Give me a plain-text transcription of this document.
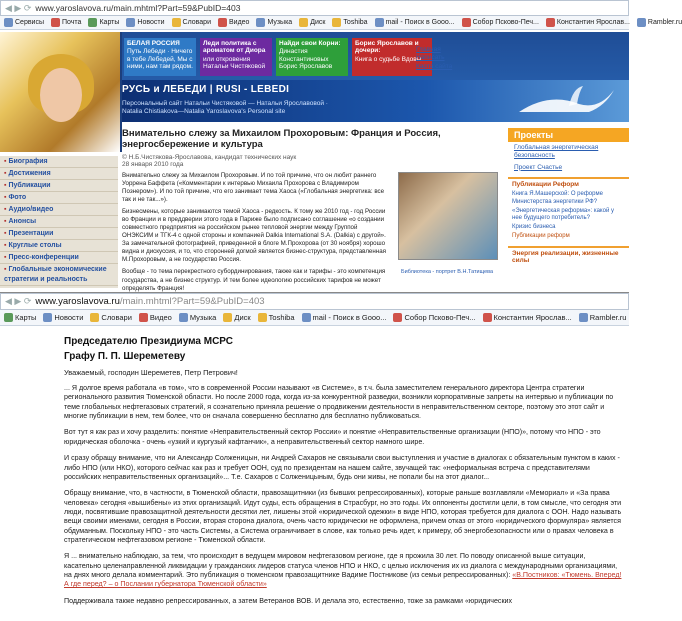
◀ ▶ ⟳ www.yaroslavova.ru/main.mhtml?Part=59&PubID=403
Сервисы	Почта	Карты	Новости	Словари	Видео	Музыка	Диск	Toshiba	mail - Поиск в Gooо...	Собор Псково-Печ...	Константин Ярослав...	Rambler.ru
БЕЛАЯ РОССИЯ
Путь Лебеди · Ничего в тебе Лебедей, Мы с ними, нам там рядом.
Леди политика с ароматом от Диора
или откровения Натальи Чистяковой
Найди свои Корни:
Династия Константиновых Борис Ярославов
Борис Ярославов и дочери:
Книга о судьбе Вдовы...
Главная
Написать
Карта сайта
РУСЬ и ЛЕБЕДИ | RUSI - LEBEDI
Персональный сайт Натальи Чистяковой — Натальи Ярославовой · Natalia Chistiakova—Natalia Yaroslavova's Personal site
▪ Биография
▪ Достижения
▪ Публикации
▪ Фото
▪ Аудио/видео
▪ Анонсы
▪ Презентации
▪ Круглые столы
▪ Пресс-конференции
▪ Глобальные экономические стратегии и реальность
Внимательно слежу за Михаилом Прохоровым: Франция и Россия, энергосбережение и культура
© Н.Б.Чистякова-Ярославова, кандидат технических наук
28 января 2010 года
Внимательно слежу за Михаилом Прохоровым. И по той причине, что он любит раннего Уоррена Баффета («Комментарии к интервью Михаила Прохорова с Владимиром Познером»). И по той причине, что его занимает тема Хаоса («Глобальная энергетика: все так и не так...»).
Бизнесмены, которые занимаются темой Хаоса - редкость. К тому же 2010 год - год России во Франции и в преддверии этого года в Париже было подписано соглашение «о создании совместного предприятия на российском рынке тепловой энергии между Группой ОНЭКСИМ и ТГК-4 с одной стороны и компанией Dalkia International S.A. (Dalkia) с другой». За замечательной фотографией, приведенной в блоге М.Прохорова (от 30 ноября) хорошо видна и дискуссия, и то, что сторонней догмой является бизнес-структура, представленная М.Прохоровым, а не государство Россия.
Вообще - то тема перекрестного субординирования, также как и тарифы - это компетенция государства, а не бизнес структур. И тем более идеологию российских тарифов не может определять Франция!
Библиотека - портрет В.Н.Татищева
Проекты
Глобальная энергетическая безопасность
Проект Счастье
Публикации Реформ
Книга Я.Машерской: О реформе Министерства энергетики РФ?
«Энергетическая реформа»: какой у нее будущего потребитель?
Кризис бизнеса
Публикации реформ
Энергия реализации, жизненные силы
◀ ▶ ⟳ www.yaroslavova.ru/main.mhtml?Part=59&PubID=403
Карты Новости Словари Видео Музыка Диск Toshiba mail - Поиск в Gooо... Собор Псково-Печ... Константин Ярослав... Rambler.ru
Председателю Президиума МСРС
Графу П. П. Шереметеву
Уважаемый, господин Шереметев, Петр Петрович!
... Я долгое время работала «в том», что в современной России называют «в Системе», в т.ч. была заместителем генерального директора Центра стратегии регионального развития Тюменской области. Но после 2000 года, когда из-за конкурентной разведки, возникли корпоративные запреты на интервью и публикации по теме глобальных нефтегазовых стратегий, я сознательно приняла решение о продвижении деятельности в неправительственном секторе, поэтому это этот сайт и многие публикации в нем, тем более, что он сначала совершенно бесплатно для бесплатно публиковаться.
Вот тут я как раз и хочу разделить: понятие «Неправительственный сектор России» и понятие «Неправительственные организации (НПО)», потому что НПО - это юридическая оболочка - очень «узкий и кургузый кафтанчик», а неправительственный сектор намного шире.
И сразу обращу внимание, что ни Александр Солженицын, ни Андрей Сахаров не связывали свои выступления и участие в диалогах с обязательным пунктом в каких - либо НПО (или НКО), которого сейчас как раз и требует ООН, суд по президентам на нашем сайте, звучащей так: «неформальная встреча с представителями российских неправительственных организаций»... Т.е. Сахаров с Солженицыным, будь они живы, не попали бы на этот диалог...
Обращу внимание, что, в частности, в Тюменской области, правозащитники (из бывших репрессированных), которые раньше возглавляли «Мемориал» и «За права человека» сегодня «вышибены» из этих организаций. Идут суды, есть обращения в Страсбург, но это годы. Их оппоненты достигли цели, в том смысле, что сегодня эти люди, посвятившие правозащитной деятельности десятки лет, лишены этой «юридической одежки» в виде НПО, которая требуется для диалога с ООН. Надо называть вещи своими именами, сегодня в России, вторая сторона диалога, очень часто юридически не оформлена, причем отказ от этого «юридического формуляра» является обдуманным. Поскольку НПО - это часть Системы, а Система ограничивает в слове, как только речь идет, к примеру, об энергобезопасности или о правах человека в стратегическом нефтегазовом регионе - Тюменской области.
Я ... внимательно наблюдаю, за тем, что происходит в ведущем мировом нефтегазовом регионе, где я прожила 30 лет. По поводу описанной выше ситуации, касательно целенаправленной ликвидации у гражданских лидеров статуса членов НПО и НКО, с целью исключения их из диалога с международными организациями, на днях много делала комментарий. Это публикация о тюменском правозащитнике Вадиме Постникове (из семьи репрессированных): «В.Постников: «Тюмень. Вперед! А где перед? – о Послании губернатора Тюменской области»
Поддерживала также недавно репрессированных, а затем Ветеранов ВОВ. И делала это, естественно, тоже за рамками «юридических
